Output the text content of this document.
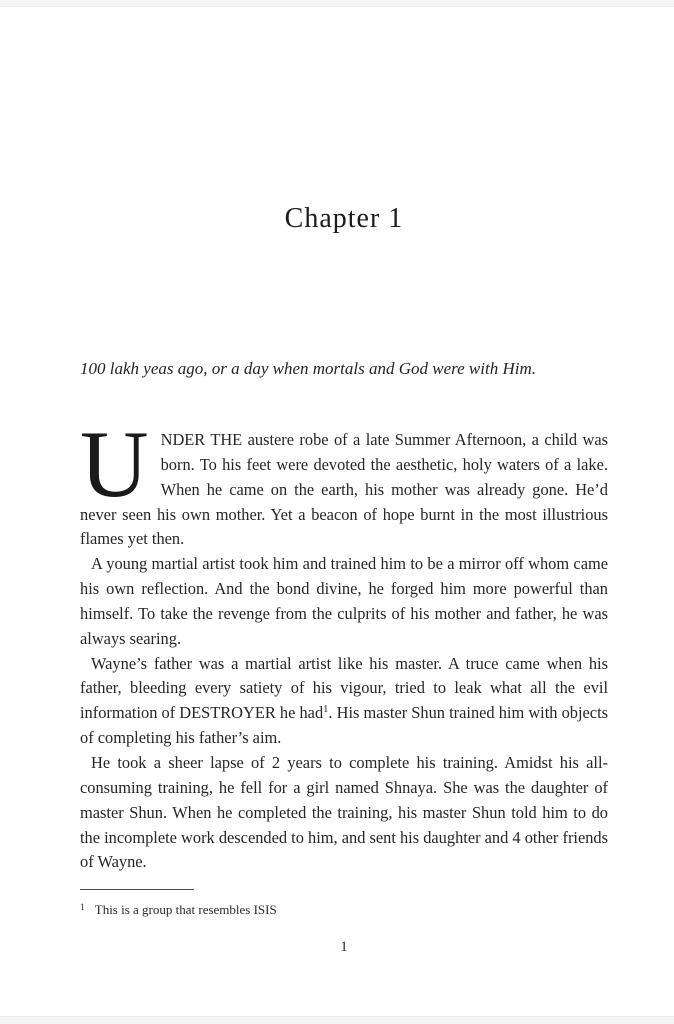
Chapter 1
100 lakh yeas ago, or a day when mortals and God were with Him.

UNDER THE austere robe of a late Summer Afternoon, a child was born. To his feet were devoted the aesthetic, holy waters of a lake. When he came on the earth, his mother was already gone. He’d never seen his own mother. Yet a beacon of hope burnt in the most illustrious flames yet then.

A young martial artist took him and trained him to be a mirror off whom came his own reflection. And the bond divine, he forged him more powerful than himself. To take the revenge from the culprits of his mother and father, he was always searing.

Wayne’s father was a martial artist like his master. A truce came when his father, bleeding every satiety of his vigour, tried to leak what all the evil information of DESTROYER he had$^1$. His master Shun trained him with objects of completing his father’s aim.

He took a sheer lapse of 2 years to complete his training. Amidst his all-consuming training, he fell for a girl named Shnaya. She was the daughter of master Shun. When he completed the training, his master Shun told him to do the incomplete work descended to him, and sent his daughter and 4 other friends of Wayne.

$^1$ This is a group that resembles ISIS
1
